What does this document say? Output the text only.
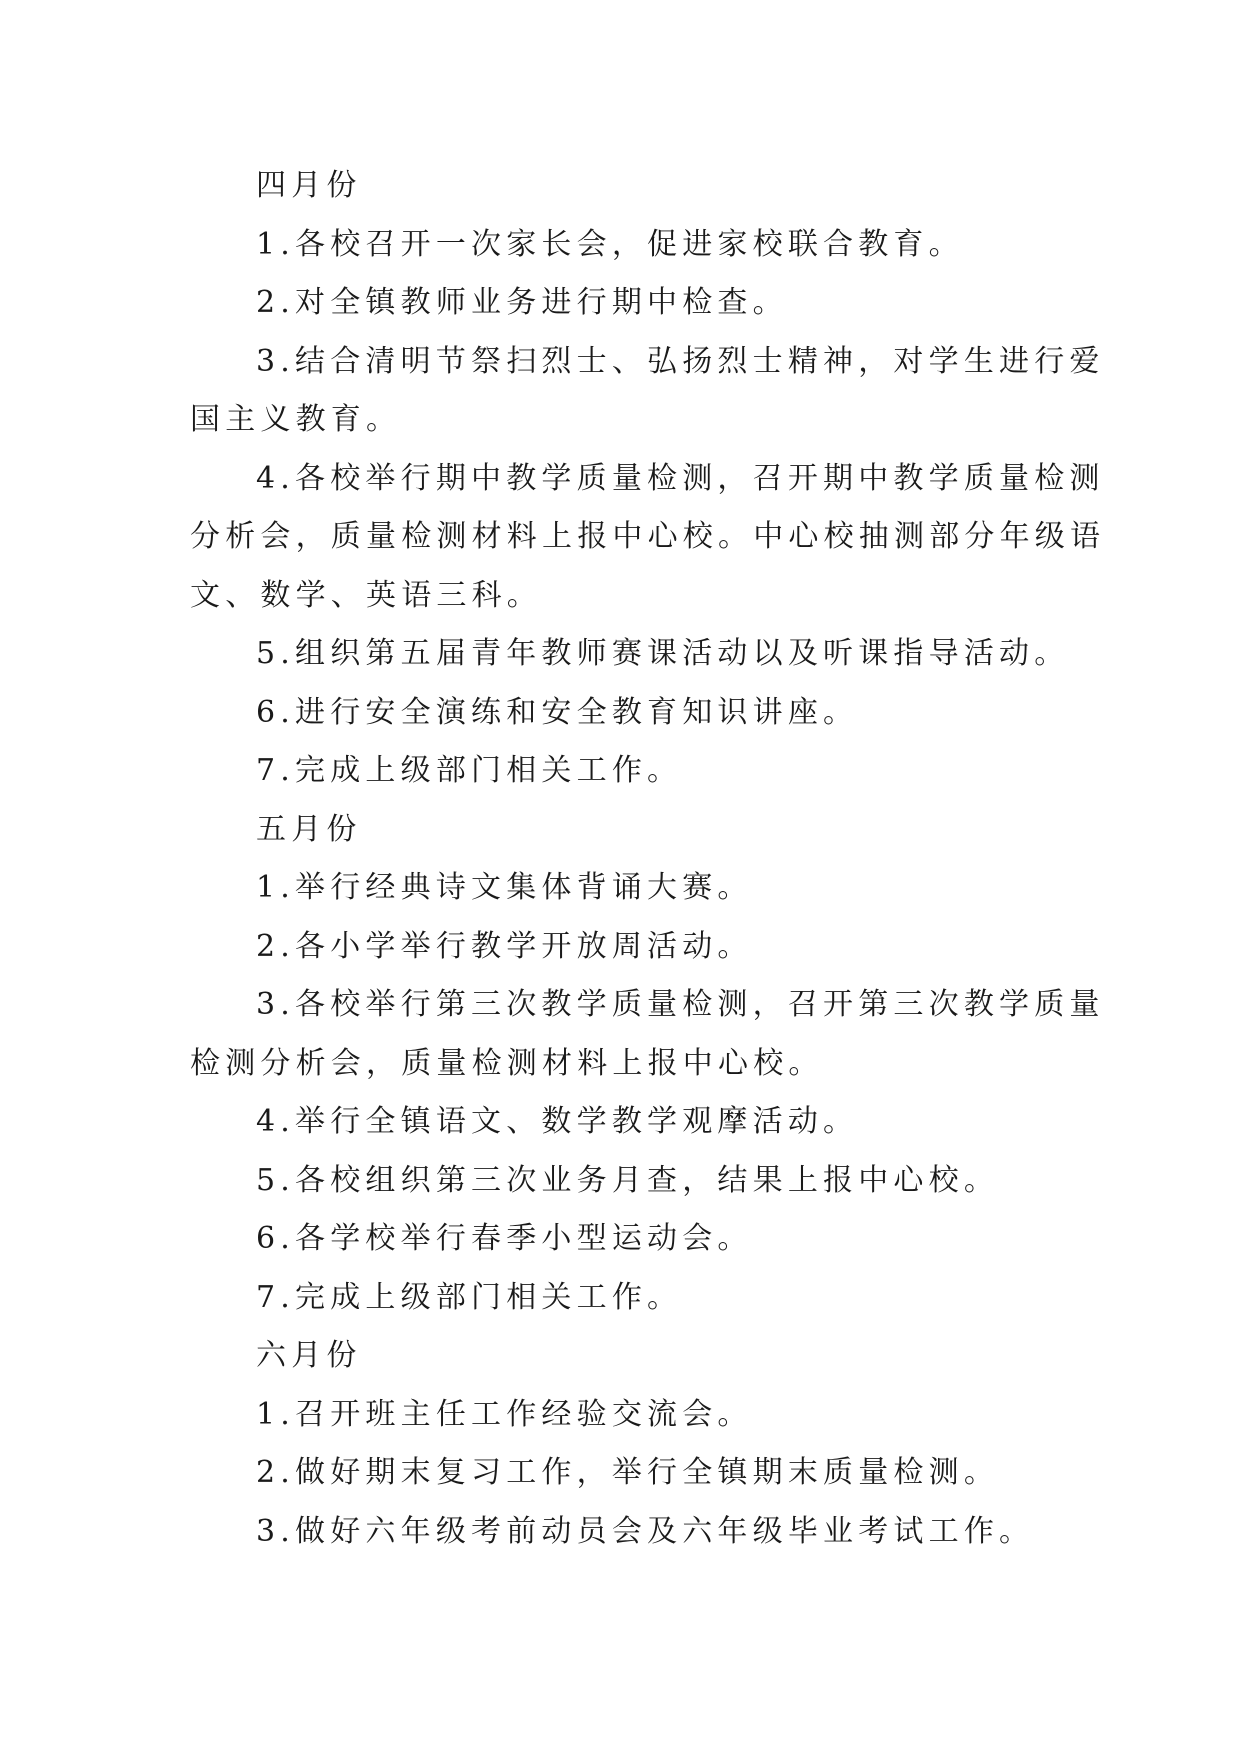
四月份
1.各校召开一次家长会，促进家校联合教育。
2.对全镇教师业务进行期中检查。
3.结合清明节祭扫烈士、弘扬烈士精神，对学生进行爱
国主义教育。
4.各校举行期中教学质量检测，召开期中教学质量检测
分析会，质量检测材料上报中心校。中心校抽测部分年级语
文、数学、英语三科。
5.组织第五届青年教师赛课活动以及听课指导活动。
6.进行安全演练和安全教育知识讲座。
7.完成上级部门相关工作。
五月份
1.举行经典诗文集体背诵大赛。
2.各小学举行教学开放周活动。
3.各校举行第三次教学质量检测，召开第三次教学质量
检测分析会，质量检测材料上报中心校。
4.举行全镇语文、数学教学观摩活动。
5.各校组织第三次业务月查，结果上报中心校。
6.各学校举行春季小型运动会。
7.完成上级部门相关工作。
六月份
1.召开班主任工作经验交流会。
2.做好期末复习工作，举行全镇期末质量检测。
3.做好六年级考前动员会及六年级毕业考试工作。
